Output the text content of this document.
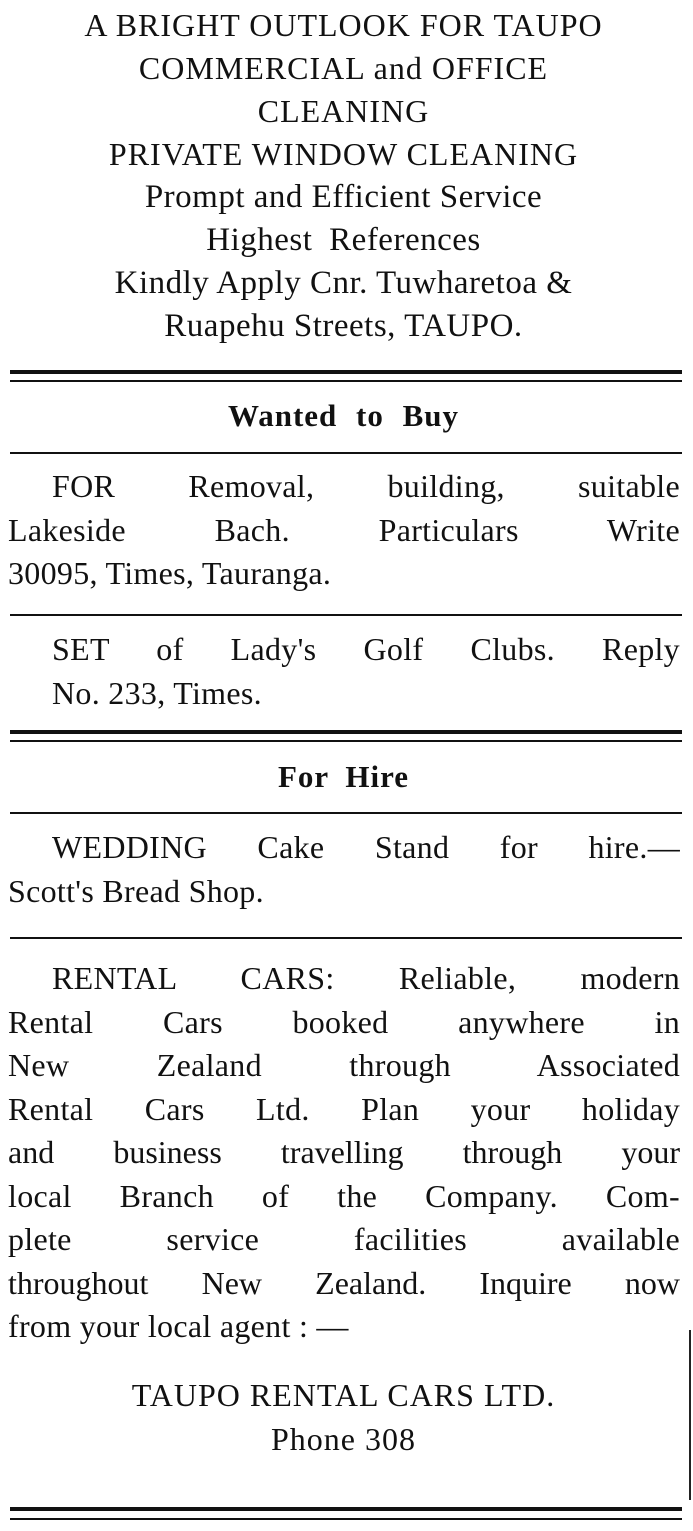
A BRIGHT OUTLOOK FOR TAUPO
COMMERCIAL and OFFICE
CLEANING
PRIVATE WINDOW CLEANING
Prompt and Efficient Service
Highest References
Kindly Apply Cnr. Tuwharetoa &
Ruapehu Streets, TAUPO.
Wanted to Buy
FOR Removal, building, suitable
Lakeside Bach. Particulars Write
30095, Times, Tauranga.
SET of Lady's Golf Clubs. Reply
No. 233, Times.
For Hire
WEDDING Cake Stand for hire.—
Scott's Bread Shop.
RENTAL CARS: Reliable, modern
Rental Cars booked anywhere in
New Zealand through Associated
Rental Cars Ltd. Plan your holiday
and business travelling through your
local Branch of the Company. Com-
plete service facilities available
throughout New Zealand. Inquire now
from your local agent : —
TAUPO RENTAL CARS LTD.
Phone 308
